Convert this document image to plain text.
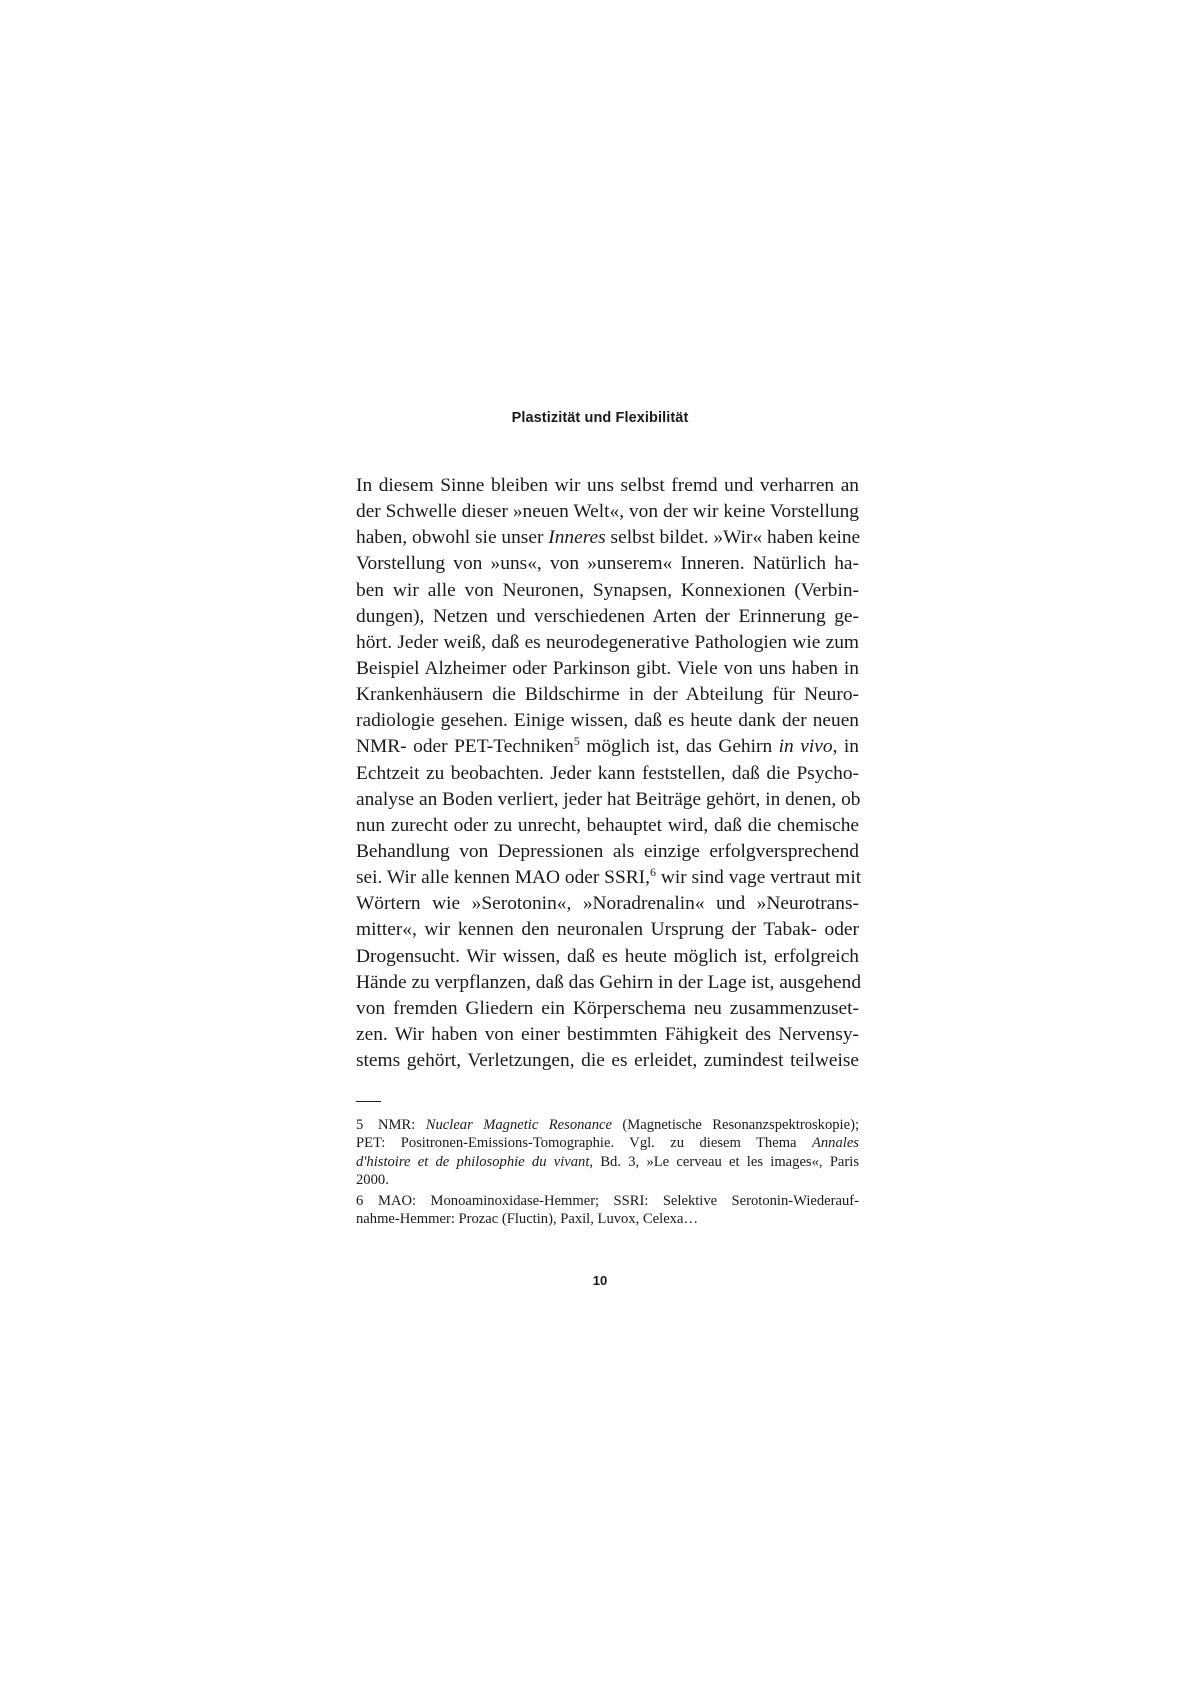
Plastizität und Flexibilität
In diesem Sinne bleiben wir uns selbst fremd und verharren an
der Schwelle dieser »neuen Welt«, von der wir keine Vorstellung
haben, obwohl sie unser Inneres selbst bildet. »Wir« haben keine
Vorstellung von »uns«, von »unserem« Inneren. Natürlich ha-
ben wir alle von Neuronen, Synapsen, Konnexionen (Verbin-
dungen), Netzen und verschiedenen Arten der Erinnerung ge-
hört. Jeder weiß, daß es neurodegenerative Pathologien wie zum
Beispiel Alzheimer oder Parkinson gibt. Viele von uns haben in
Krankenhäusern die Bildschirme in der Abteilung für Neuro-
radiologie gesehen. Einige wissen, daß es heute dank der neuen
NMR- oder PET-Techniken$^5$ möglich ist, das Gehirn in vivo, in
Echtzeit zu beobachten. Jeder kann feststellen, daß die Psycho-
analyse an Boden verliert, jeder hat Beiträge gehört, in denen, ob
nun zurecht oder zu unrecht, behauptet wird, daß die chemische
Behandlung von Depressionen als einzige erfolgversprechend
sei. Wir alle kennen MAO oder SSRI,$^6$ wir sind vage vertraut mit
Wörtern wie »Serotonin«, »Noradrenalin« und »Neurotrans-
mitter«, wir kennen den neuronalen Ursprung der Tabak- oder
Drogensucht. Wir wissen, daß es heute möglich ist, erfolgreich
Hände zu verpflanzen, daß das Gehirn in der Lage ist, ausgehend
von fremden Gliedern ein Körperschema neu zusammenzuset-
zen. Wir haben von einer bestimmten Fähigkeit des Nervensy-
stems gehört, Verletzungen, die es erleidet, zumindest teilweise
5 NMR: Nuclear Magnetic Resonance (Magnetische Resonanzspektroskopie);
PET: Positronen-Emissions-Tomographie. Vgl. zu diesem Thema Annales
d'histoire et de philosophie du vivant, Bd. 3, »Le cerveau et les images«, Paris
2000.
6 MAO: Monoaminoxidase-Hemmer; SSRI: Selektive Serotonin-Wiederauf-
nahme-Hemmer: Prozac (Fluctin), Paxil, Luvox, Celexa…
10
